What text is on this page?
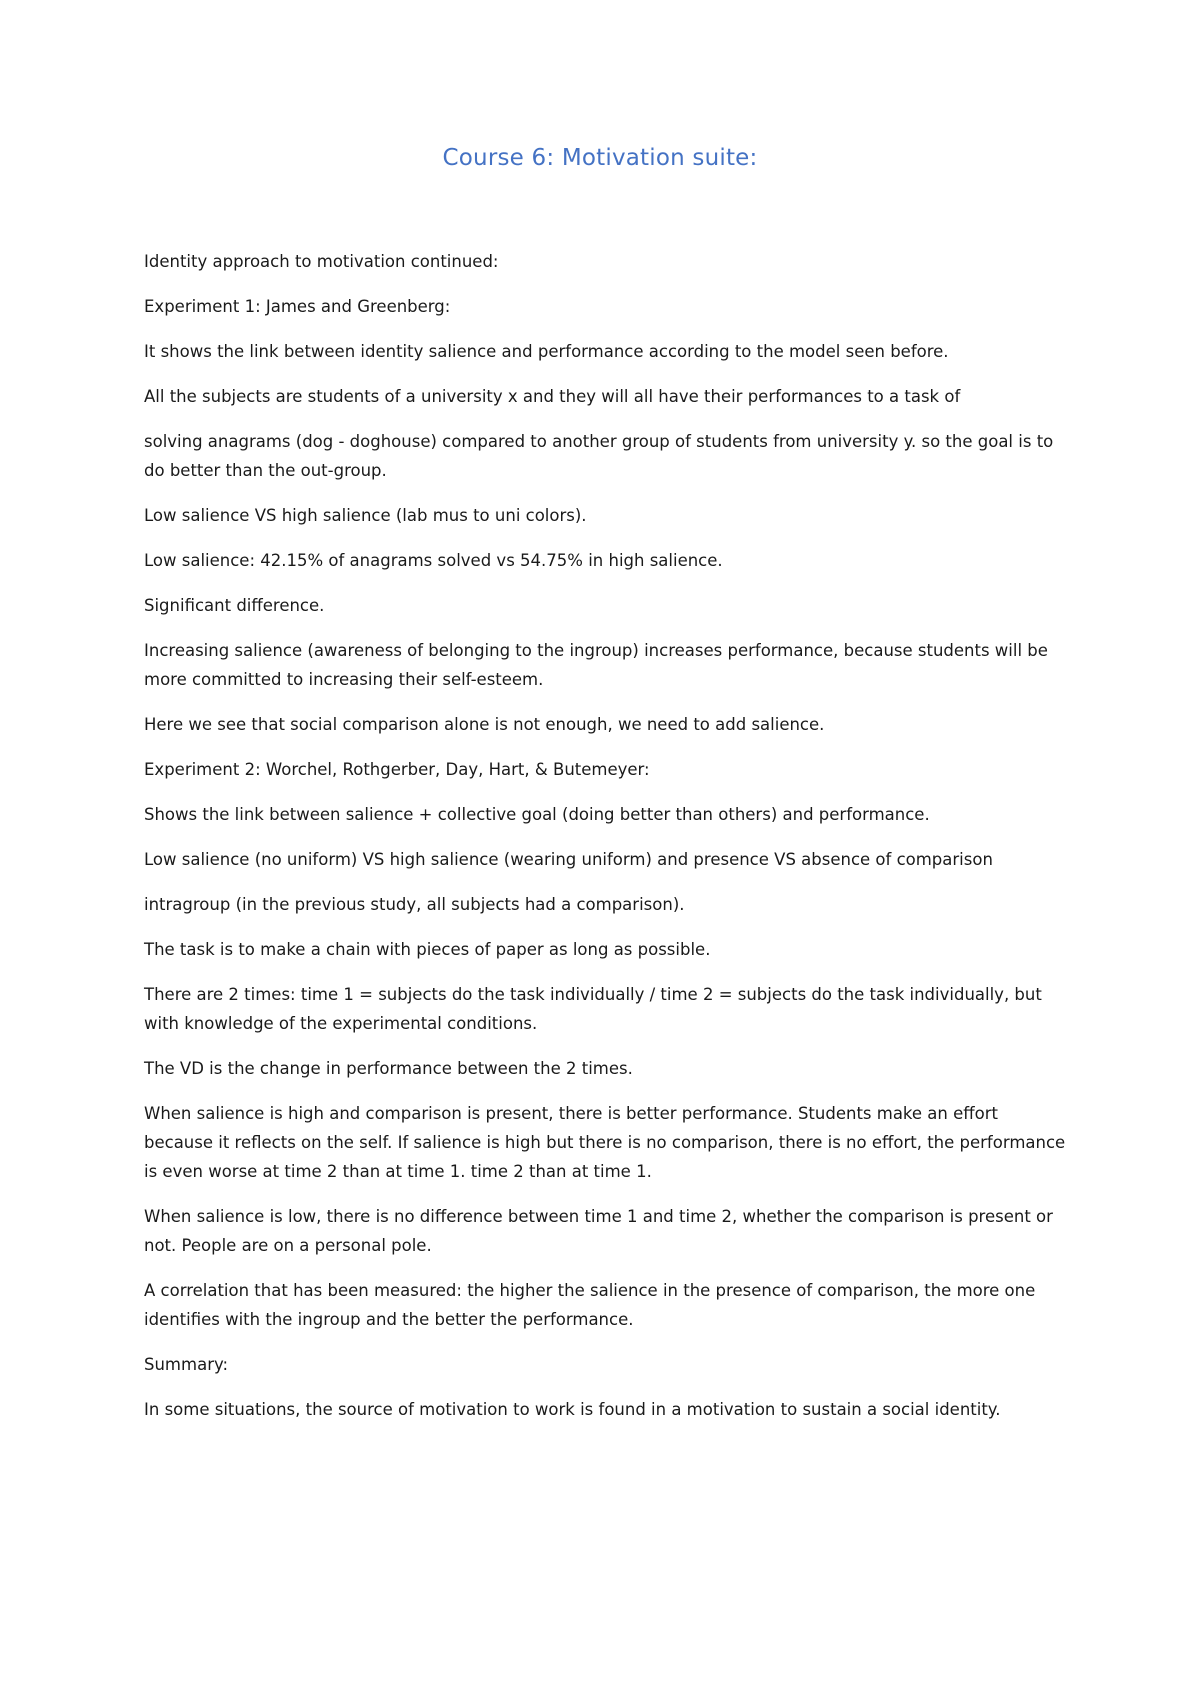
Course 6: Motivation suite:

Identity approach to motivation continued:

Experiment 1: James and Greenberg:

It shows the link between identity salience and performance according to the model seen before.

All the subjects are students of a university x and they will all have their performances to a task of

solving anagrams (dog - doghouse) compared to another group of students from university y. so the goal is to do better than the out-group.

Low salience VS high salience (lab mus to uni colors).

Low salience: 42.15% of anagrams solved vs 54.75% in high salience.

Significant difference.

Increasing salience (awareness of belonging to the ingroup) increases performance, because students will be more committed to increasing their self-esteem.

Here we see that social comparison alone is not enough, we need to add salience.

Experiment 2: Worchel, Rothgerber, Day, Hart, & Butemeyer:

Shows the link between salience + collective goal (doing better than others) and performance.

Low salience (no uniform) VS high salience (wearing uniform) and presence VS absence of comparison

intragroup (in the previous study, all subjects had a comparison).

The task is to make a chain with pieces of paper as long as possible.

There are 2 times: time 1 = subjects do the task individually / time 2 = subjects do the task individually, but with knowledge of the experimental conditions.

The VD is the change in performance between the 2 times.

When salience is high and comparison is present, there is better performance. Students make an effort because it reflects on the self. If salience is high but there is no comparison, there is no effort, the performance is even worse at time 2 than at time 1. time 2 than at time 1.

When salience is low, there is no difference between time 1 and time 2, whether the comparison is present or not. People are on a personal pole.

A correlation that has been measured: the higher the salience in the presence of comparison, the more one identifies with the ingroup and the better the performance.

Summary:

In some situations, the source of motivation to work is found in a motivation to sustain a social identity.
